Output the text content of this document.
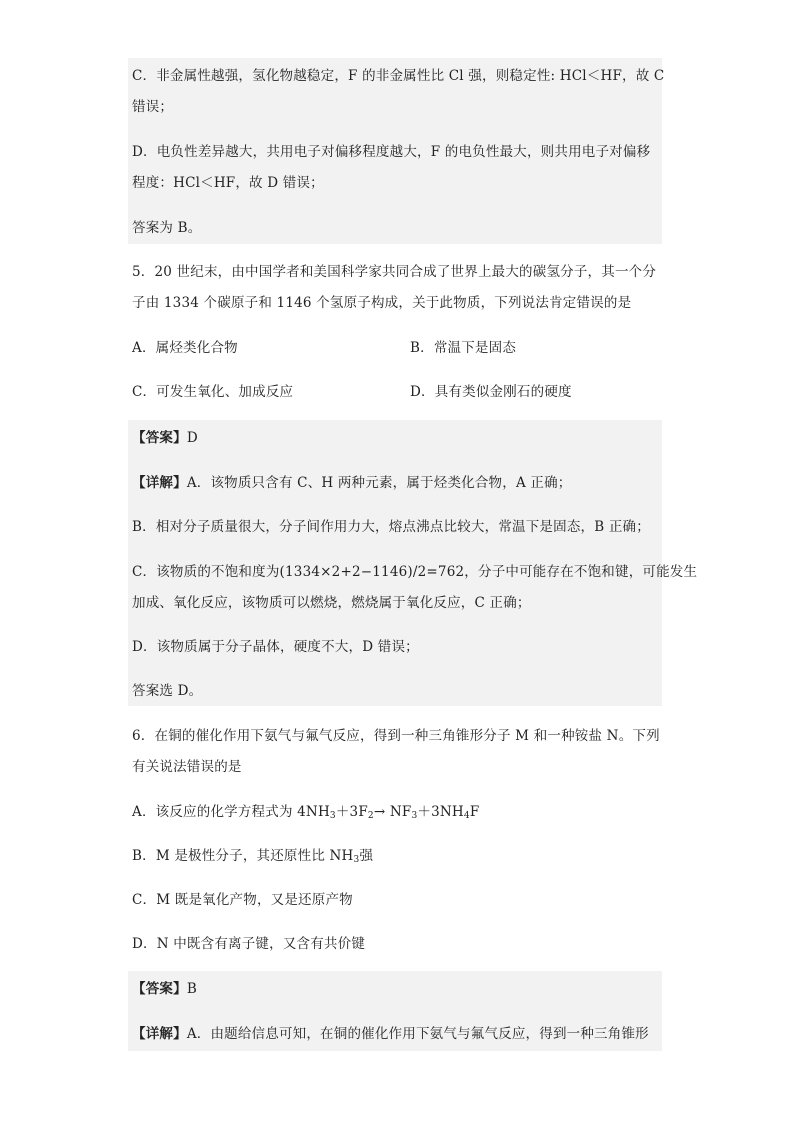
C．非金属性越强，氢化物越稳定，F 的非金属性比 Cl 强，则稳定性: HCl＜HF，故 C
错误；
D．电负性差异越大，共用电子对偏移程度越大，F 的电负性最大，则共用电子对偏移
程度：HCl＜HF，故 D 错误；
答案为 B。
5．20 世纪末，由中国学者和美国科学家共同合成了世界上最大的碳氢分子，其一个分
子由 1334 个碳原子和 1146 个氢原子构成，关于此物质，下列说法肯定错误的是
A．属烃类化合物	B．常温下是固态
C．可发生氧化、加成反应	D．具有类似金刚石的硬度
【答案】D
【详解】A．该物质只含有 C、H 两种元素，属于烃类化合物，A 正确；
B．相对分子质量很大，分子间作用力大，熔点沸点比较大，常温下是固态，B 正确；
C．该物质的不饱和度为(1334×2+2−1146)/2=762，分子中可能存在不饱和键，可能发生
加成、氧化反应，该物质可以燃烧，燃烧属于氧化反应，C 正确；
D．该物质属于分子晶体，硬度不大，D 错误；
答案选 D。
6．在铜的催化作用下氨气与氟气反应，得到一种三角锥形分子 M 和一种铵盐 N。下列
有关说法错误的是
A．该反应的化学方程式为 $4NH_3+3F_2\to NF_3+3NH_4F$
B．M 是极性分子，其还原性比 $NH_3$强
C．M 既是氧化产物，又是还原产物
D．N 中既含有离子键，又含有共价键
【答案】B
【详解】A．由题给信息可知，在铜的催化作用下氨气与氟气反应，得到一种三角锥形
